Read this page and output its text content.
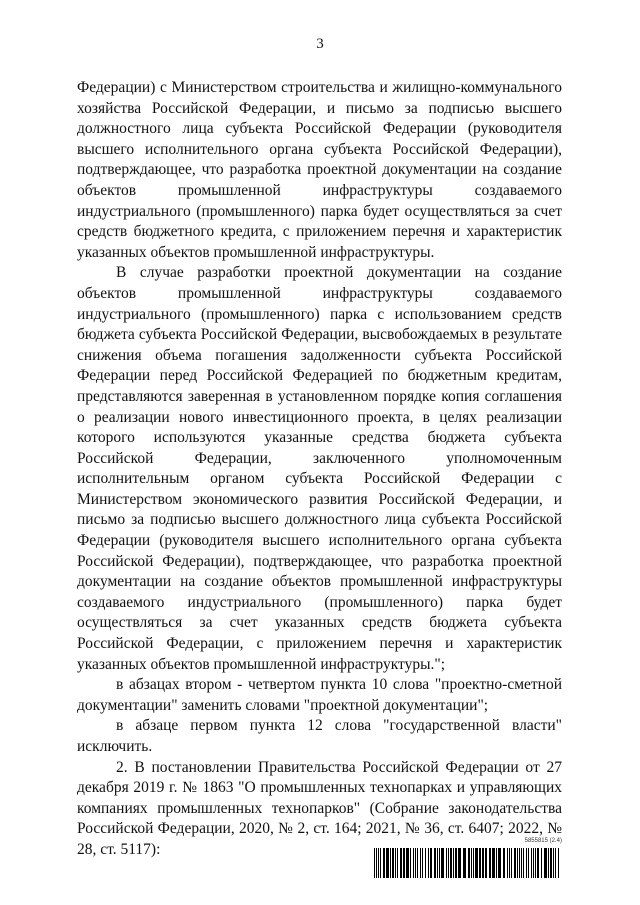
3

Федерации) с Министерством строительства и жилищно-коммунального хозяйства Российской Федерации, и письмо за подписью высшего должностного лица субъекта Российской Федерации (руководителя высшего исполнительного органа субъекта Российской Федерации), подтверждающее, что разработка проектной документации на создание объектов промышленной инфраструктуры создаваемого индустриального (промышленного) парка будет осуществляться за счет средств бюджетного кредита, с приложением перечня и характеристик указанных объектов промышленной инфраструктуры.

В случае разработки проектной документации на создание объектов промышленной инфраструктуры создаваемого индустриального (промышленного) парка с использованием средств бюджета субъекта Российской Федерации, высвобождаемых в результате снижения объема погашения задолженности субъекта Российской Федерации перед Российской Федерацией по бюджетным кредитам, представляются заверенная в установленном порядке копия соглашения о реализации нового инвестиционного проекта, в целях реализации которого используются указанные средства бюджета субъекта Российской Федерации, заключенного уполномоченным исполнительным органом субъекта Российской Федерации с Министерством экономического развития Российской Федерации, и письмо за подписью высшего должностного лица субъекта Российской Федерации (руководителя высшего исполнительного органа субъекта Российской Федерации), подтверждающее, что разработка проектной документации на создание объектов промышленной инфраструктуры создаваемого индустриального (промышленного) парка будет осуществляться за счет указанных средств бюджета субъекта Российской Федерации, с приложением перечня и характеристик указанных объектов промышленной инфраструктуры.";

в абзацах втором - четвертом пункта 10 слова "проектно-сметной документации" заменить словами "проектной документации";

в абзаце первом пункта 12 слова "государственной власти" исключить.

2. В постановлении Правительства Российской Федерации от 27 декабря 2019 г. № 1863 "О промышленных технопарках и управляющих компаниях промышленных технопарков" (Собрание законодательства Российской Федерации, 2020, № 2, ст. 164; 2021, № 36, ст. 6407; 2022, № 28, ст. 5117):	5855815 (2.4)
